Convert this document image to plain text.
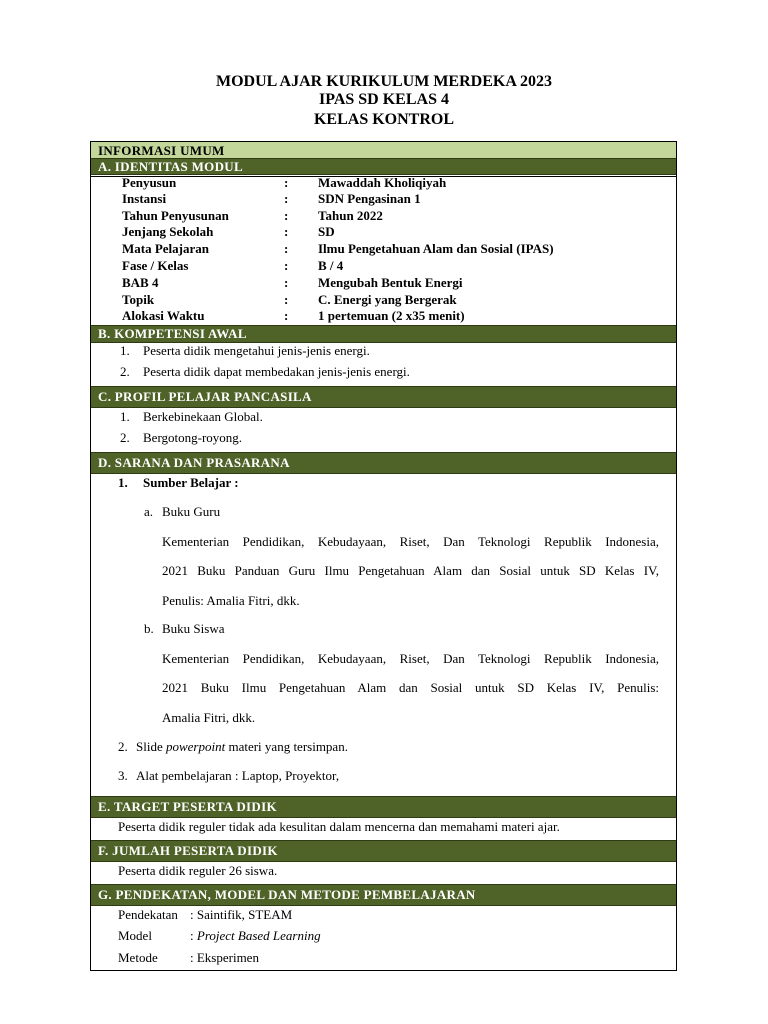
MODUL AJAR KURIKULUM MERDEKA 2023
IPAS SD KELAS 4
KELAS KONTROL
INFORMASI UMUM
A. IDENTITAS MODUL
Penyusun	: Mawaddah Kholiqiyah
Instansi	: SDN Pengasinan 1
Tahun Penyusunan	: Tahun 2022
Jenjang Sekolah	: SD
Mata Pelajaran	: Ilmu Pengetahuan Alam dan Sosial (IPAS)
Fase / Kelas	: B / 4
BAB 4	: Mengubah Bentuk Energi
Topik	: C. Energi yang Bergerak
Alokasi Waktu	: 1 pertemuan (2 x35 menit)
B. KOMPETENSI AWAL
1. Peserta didik mengetahui jenis-jenis energi.
2. Peserta didik dapat membedakan jenis-jenis energi.
C. PROFIL PELAJAR PANCASILA
1. Berkebinekaan Global.
2. Bergotong-royong.
D. SARANA DAN PRASARANA
1. Sumber Belajar :
a. Buku Guru
Kementerian Pendidikan, Kebudayaan, Riset, Dan Teknologi Republik Indonesia,
2021 Buku Panduan Guru Ilmu Pengetahuan Alam dan Sosial untuk SD Kelas IV,
Penulis: Amalia Fitri, dkk.
b. Buku Siswa
Kementerian Pendidikan, Kebudayaan, Riset, Dan Teknologi Republik Indonesia,
2021 Buku Ilmu Pengetahuan Alam dan Sosial untuk SD Kelas IV, Penulis:
Amalia Fitri, dkk.
2. Slide powerpoint materi yang tersimpan.
3. Alat pembelajaran : Laptop, Proyektor,
E. TARGET PESERTA DIDIK
Peserta didik reguler tidak ada kesulitan dalam mencerna dan memahami materi ajar.
F. JUMLAH PESERTA DIDIK
Peserta didik reguler 26 siswa.
G. PENDEKATAN, MODEL DAN METODE PEMBELAJARAN
Pendekatan : Saintifik, STEAM
Model	: Project Based Learning
Metode : Eksperimen
